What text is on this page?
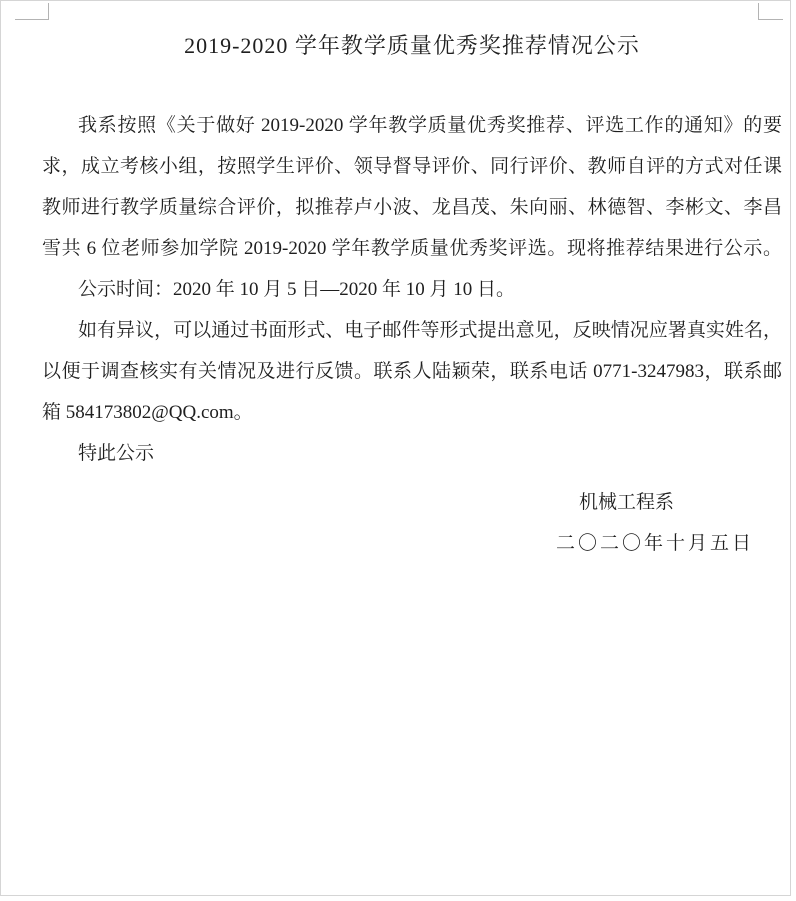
2019-2020 学年教学质量优秀奖推荐情况公示
我系按照《关于做好 2019-2020 学年教学质量优秀奖推荐、评选工作的通知》的要
求，成立考核小组，按照学生评价、领导督导评价、同行评价、教师自评的方式对任课
教师进行教学质量综合评价，拟推荐卢小波、龙昌茂、朱向丽、林德智、李彬文、李昌
雪共 6 位老师参加学院 2019-2020 学年教学质量优秀奖评选。现将推荐结果进行公示。
公示时间：2020 年 10 月 5 日—2020 年 10 月 10 日。
如有异议，可以通过书面形式、电子邮件等形式提出意见，反映情况应署真实姓名，
以便于调查核实有关情况及进行反馈。联系人陆颖荣，联系电话 0771-3247983，联系邮
箱 584173802@QQ.com。
特此公示
机械工程系
二〇二〇年十月五日
